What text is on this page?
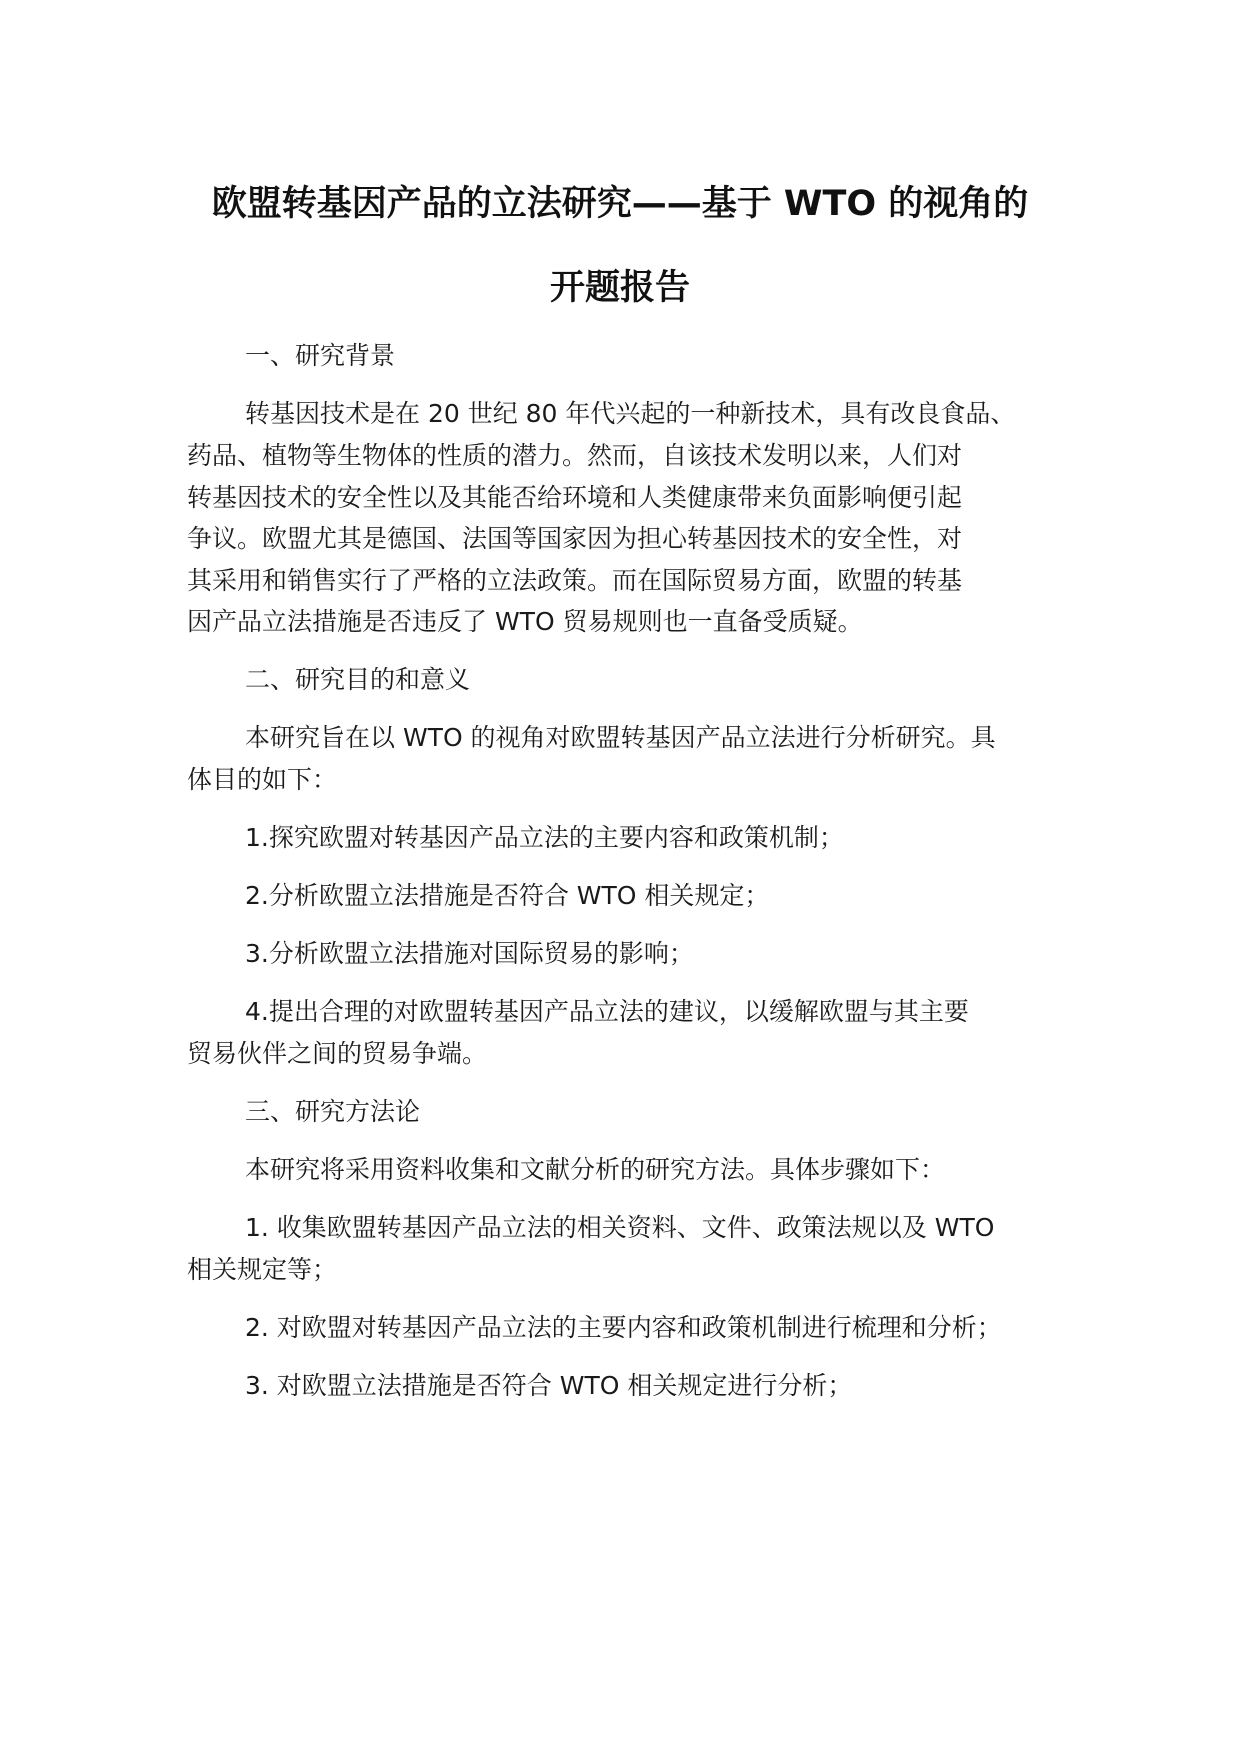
欧盟转基因产品的立法研究——基于 WTO 的视角的
开题报告
一、研究背景
转基因技术是在 20 世纪 80 年代兴起的一种新技术，具有改良食品、
药品、植物等生物体的性质的潜力。然而，自该技术发明以来，人们对
转基因技术的安全性以及其能否给环境和人类健康带来负面影响便引起
争议。欧盟尤其是德国、法国等国家因为担心转基因技术的安全性，对
其采用和销售实行了严格的立法政策。而在国际贸易方面，欧盟的转基
因产品立法措施是否违反了 WTO 贸易规则也一直备受质疑。
二、研究目的和意义
本研究旨在以 WTO 的视角对欧盟转基因产品立法进行分析研究。具
体目的如下：
1.探究欧盟对转基因产品立法的主要内容和政策机制；
2.分析欧盟立法措施是否符合 WTO 相关规定；
3.分析欧盟立法措施对国际贸易的影响；
4.提出合理的对欧盟转基因产品立法的建议，以缓解欧盟与其主要
贸易伙伴之间的贸易争端。
三、研究方法论
本研究将采用资料收集和文献分析的研究方法。具体步骤如下：
1. 收集欧盟转基因产品立法的相关资料、文件、政策法规以及 WTO
相关规定等；
2. 对欧盟对转基因产品立法的主要内容和政策机制进行梳理和分析；
3. 对欧盟立法措施是否符合 WTO 相关规定进行分析；
